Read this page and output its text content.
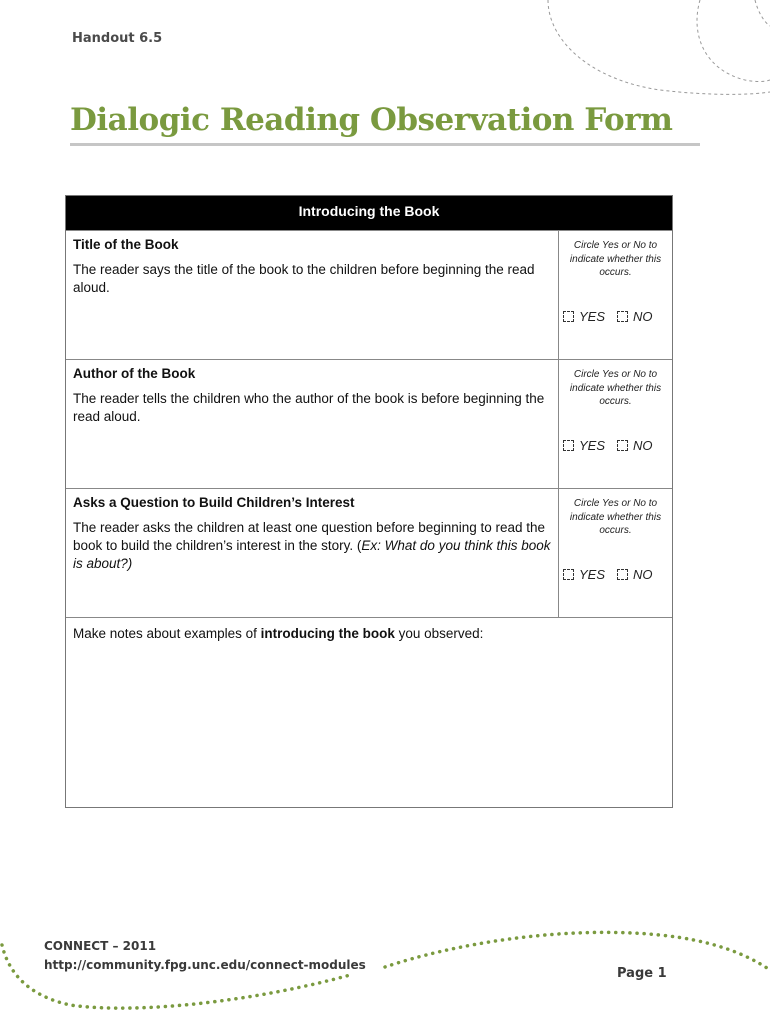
Handout 6.5
Dialogic Reading Observation Form
Introducing the Book
Title of the Book
The reader says the title of the book to the children before beginning the read aloud.
Circle Yes or No to indicate whether this occurs.
YES NO
Author of the Book
The reader tells the children who the author of the book is before beginning the read aloud.
Circle Yes or No to indicate whether this occurs.
YES NO
Asks a Question to Build Children’s Interest
The reader asks the children at least one question before beginning to read the book to build the children’s interest in the story. (Ex: What do you think this book is about?)
Circle Yes or No to indicate whether this occurs.
YES NO
Make notes about examples of introducing the book you observed:
CONNECT – 2011
http://community.fpg.unc.edu/connect-modules
Page 1
